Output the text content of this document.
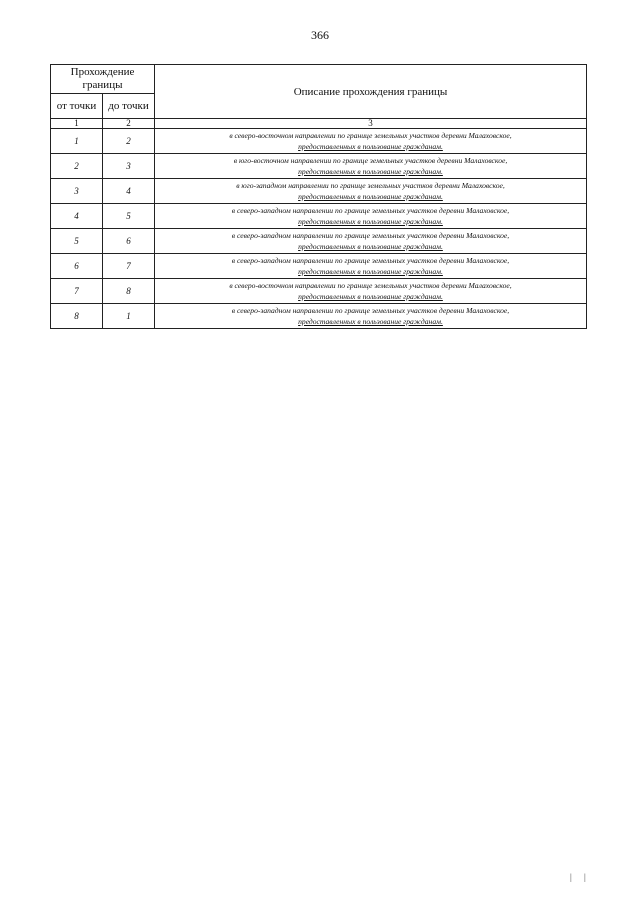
366
Прохождение границы		Описание прохождения границы
от точки	до точки	
1	2	3
1	2	в северо-восточном направлении по границе земельных участков деревни Малаховское,
предоставленных в пользование гражданам.
2	3	в юго-восточном направлении по границе земельных участков деревни Малаховское,
предоставленных в пользование гражданам.
3	4	в юго-западном направлении по границе земельных участков деревни Малаховское,
предоставленных в пользование гражданам.
4	5	в северо-западном направлении по границе земельных участков деревни Малаховское,
предоставленных в пользование гражданам.
5	6	в северо-западном направлении по границе земельных участков деревни Малаховское,
предоставленных в пользование гражданам.
6	7	в северо-западном направлении по границе земельных участков деревни Малаховское,
предоставленных в пользование гражданам.
7	8	в северо-восточном направлении по границе земельных участков деревни Малаховское,
предоставленных в пользование гражданам.
8	1	в северо-западном направлении по границе земельных участков деревни Малаховское,
предоставленных в пользование гражданам.
| |
